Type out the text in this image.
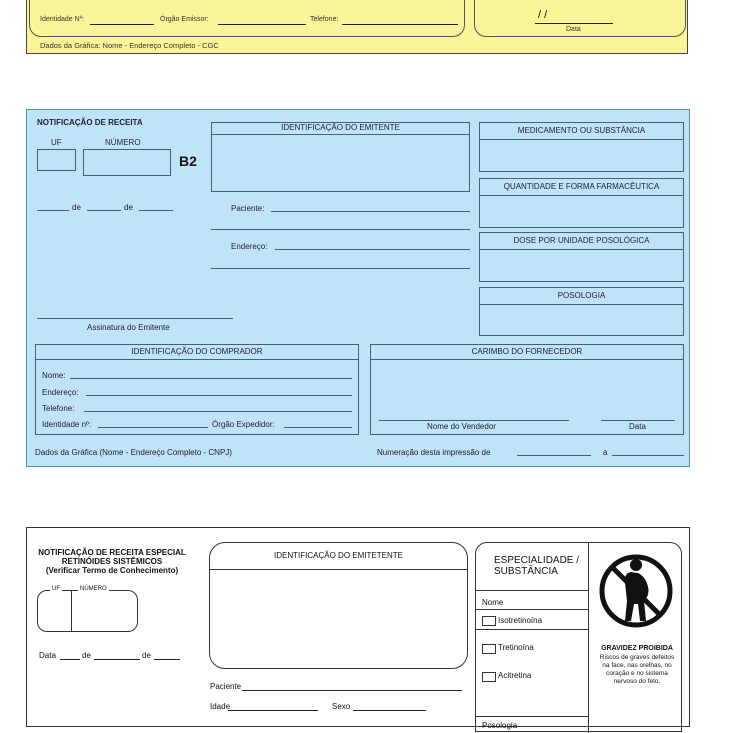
Identidade Nº:	Órgão Emissor:	Telefone:	/ /
Data
Dados da Gráfica: Nome - Endereço Completo - CGC
NOTIFICAÇÃO DE RECEITA
UF	NÚMERO
B2
de	de
IDENTIFICAÇÃO DO EMITENTE
Paciente:
Endereço:
Assinatura do Emitente
MEDICAMENTO OU SUBSTÂNCIA
QUANTIDADE E FORMA FARMACÊUTICA
DOSE POR UNIDADE POSOLÓGICA
POSOLOGIA
IDENTIFICAÇÃO DO COMPRADOR
Nome:
Endereço:
Telefone:
Identidade nº:	Órgão Expedidor:
CARIMBO DO FORNECEDOR
Nome do Vendedor	Data
Dados da Gráfica (Nome - Endereço Completo - CNPJ)	Numeração desta impressão de	a
NOTIFICAÇÃO DE RECEITA ESPECIAL
RETINÓIDES SISTÊMICOS
(Verificar Termo de Conhecimento)
UF	NÚMERO
Data	de	de
IDENTIFICAÇÃO DO EMITETENTE
Paciente
Idade	Sexo
ESPECIALIDADE /
SUBSTÂNCIA
Nome
Isotretinoína
Tretinoína
Acitretina
Posologia
GRAVIDEZ PROIBIDA
Riscos de graves defeitos
na face, nas orelhas, no
coração e no sistema
nervoso do feto.
